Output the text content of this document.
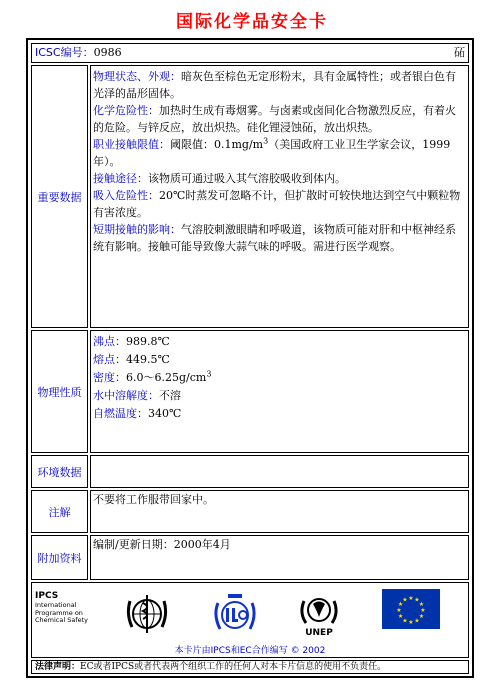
国际化学品安全卡
ICSC编号：0986	砳
重要数据

物理状态、外观：暗灰色至棕色无定形粉末，具有金属特性；或者银白色有光泽的晶形固体。

化学危险性：加热时生成有毒烟雾。与卤素或卤间化合物激烈反应，有着火的危险。与锌反应，放出炽热。硅化锂浸蚀砳，放出炽热。

职业接触限值：阈限值：$0.1mg/m^3$（美国政府工业卫生学家会议，1999年）。

接触途径：该物质可通过吸入其气溶胶吸收到体内。

吸入危险性：20℃时蒸发可忽略不计，但扩散时可较快地达到空气中颗粒物有害浓度。

短期接触的影响：气溶胶刺激眼睛和呼吸道，该物质可能对肝和中枢神经系统有影响。接触可能导致像大蒜气味的呼吸。需进行医学观察。

物理性质

沸点：989.8℃

熔点：449.5℃

密度：$6.0\sim 6.25g/cm^3$

水中溶解度：不溶

自燃温度：340℃

环境数据
注解
不要将工作服带回家中。
附加资料
编制/更新日期：2000年4月
IPCS
International
Programme on
Chemical Safety
UNEP
★ ★
★
★
★
★
★
★
★
★
★
★
本卡片由IPCS和EC合作编写 © 2002
法律声明：EC或者IPCS或者代表两个组织工作的任何人对本卡片信息的使用不负责任。
